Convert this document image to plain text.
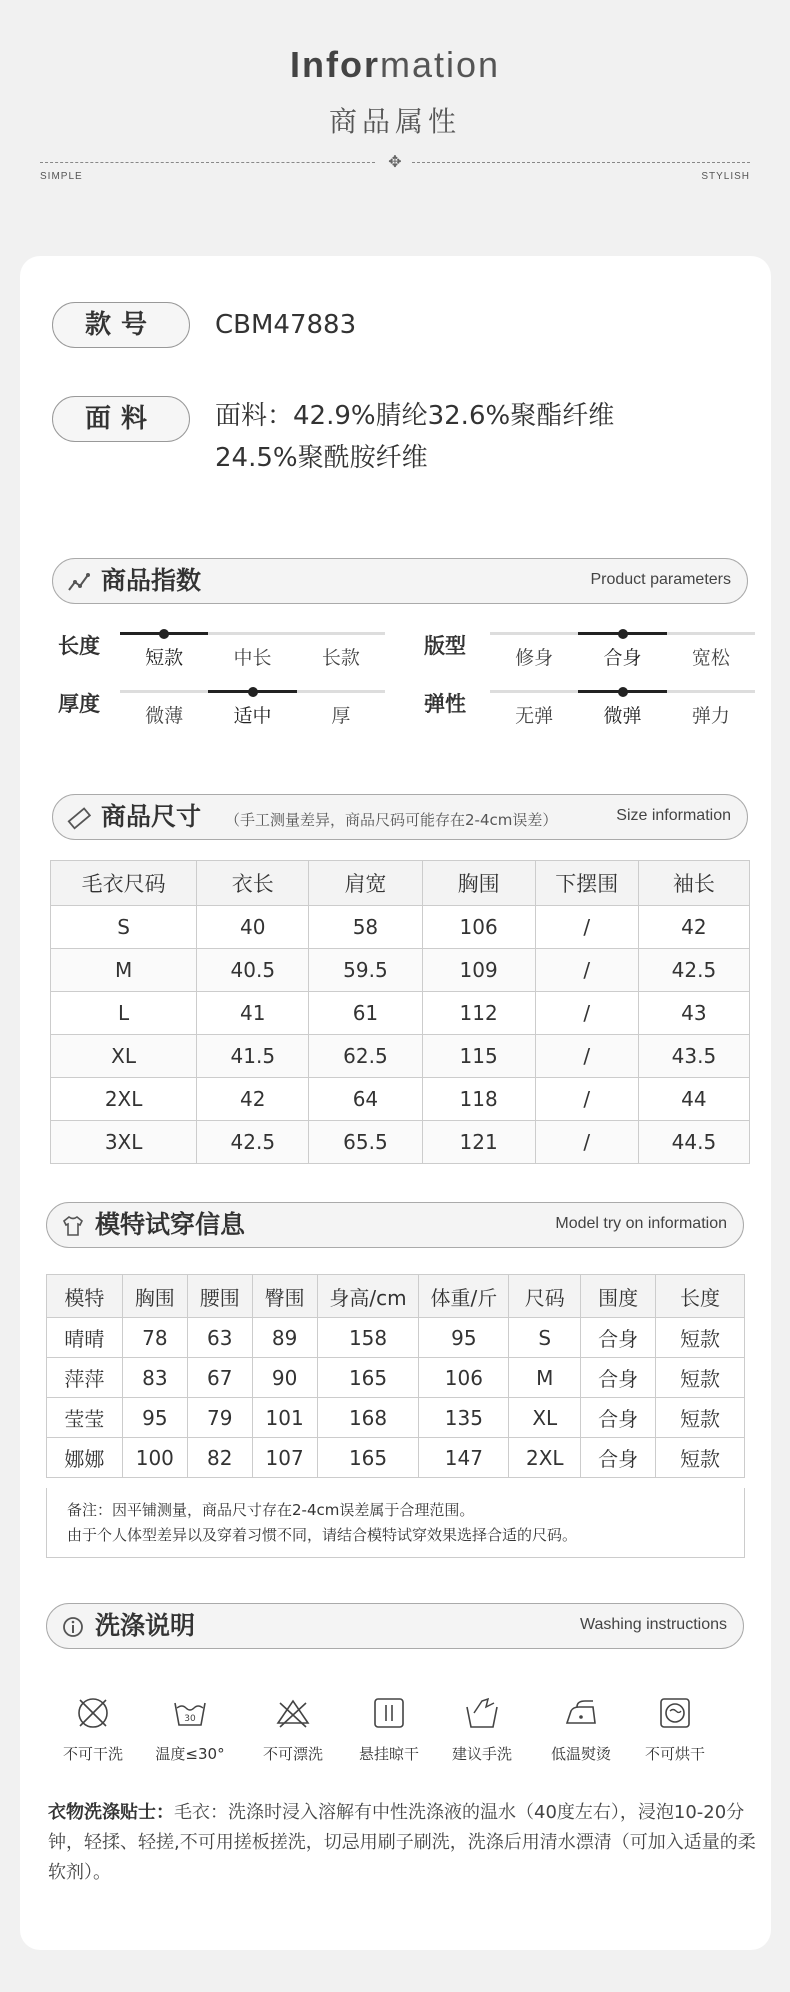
Information
商品属性
✥
SIMPLE	STYLISH
款号	CBM47883
面料	面料：42.9%腈纶32.6%聚酯纤维
24.5%聚酰胺纤维
商品指数	Product parameters
长度	短款	中长	长款	版型	修身	合身	宽松
厚度	微薄	适中	厚	弹性	无弹	微弹	弹力
商品尺寸 （手工测量差异，商品尺码可能存在2-4cm误差）	Size information
毛衣尺码	衣长	肩宽	胸围	下摆围	袖长
S	40	58	106	/	42
M	40.5	59.5	109	/	42.5
L	41	61	112	/	43
XL	41.5	62.5	115	/	43.5
2XL	42	64	118	/	44
3XL	42.5	65.5	121	/	44.5
模特试穿信息	Model try on information
模特	胸围	腰围	臀围	身高/cm	体重/斤	尺码	围度	长度
晴晴	78	63	89	158	95	S	合身	短款
萍萍	83	67	90	165	106	M	合身	短款
莹莹	95	79	101	168	135	XL	合身	短款
娜娜	100	82	107	165	147	2XL	合身	短款
备注：因平铺测量，商品尺寸存在2-4cm误差属于合理范围。
由于个人体型差异以及穿着习惯不同，请结合模特试穿效果选择合适的尺码。
洗涤说明	Washing instructions
不可干洗
30
温度≤30°	不可漂洗	悬挂晾干	建议手洗	低温熨烫	不可烘干
衣物洗涤贴士：毛衣：洗涤时浸入溶解有中性洗涤液的温水（40度左右），浸泡10-20分钟，轻揉、轻搓,不可用搓板搓洗，切忌用刷子刷洗，洗涤后用清水漂清（可加入适量的柔软剂）。
